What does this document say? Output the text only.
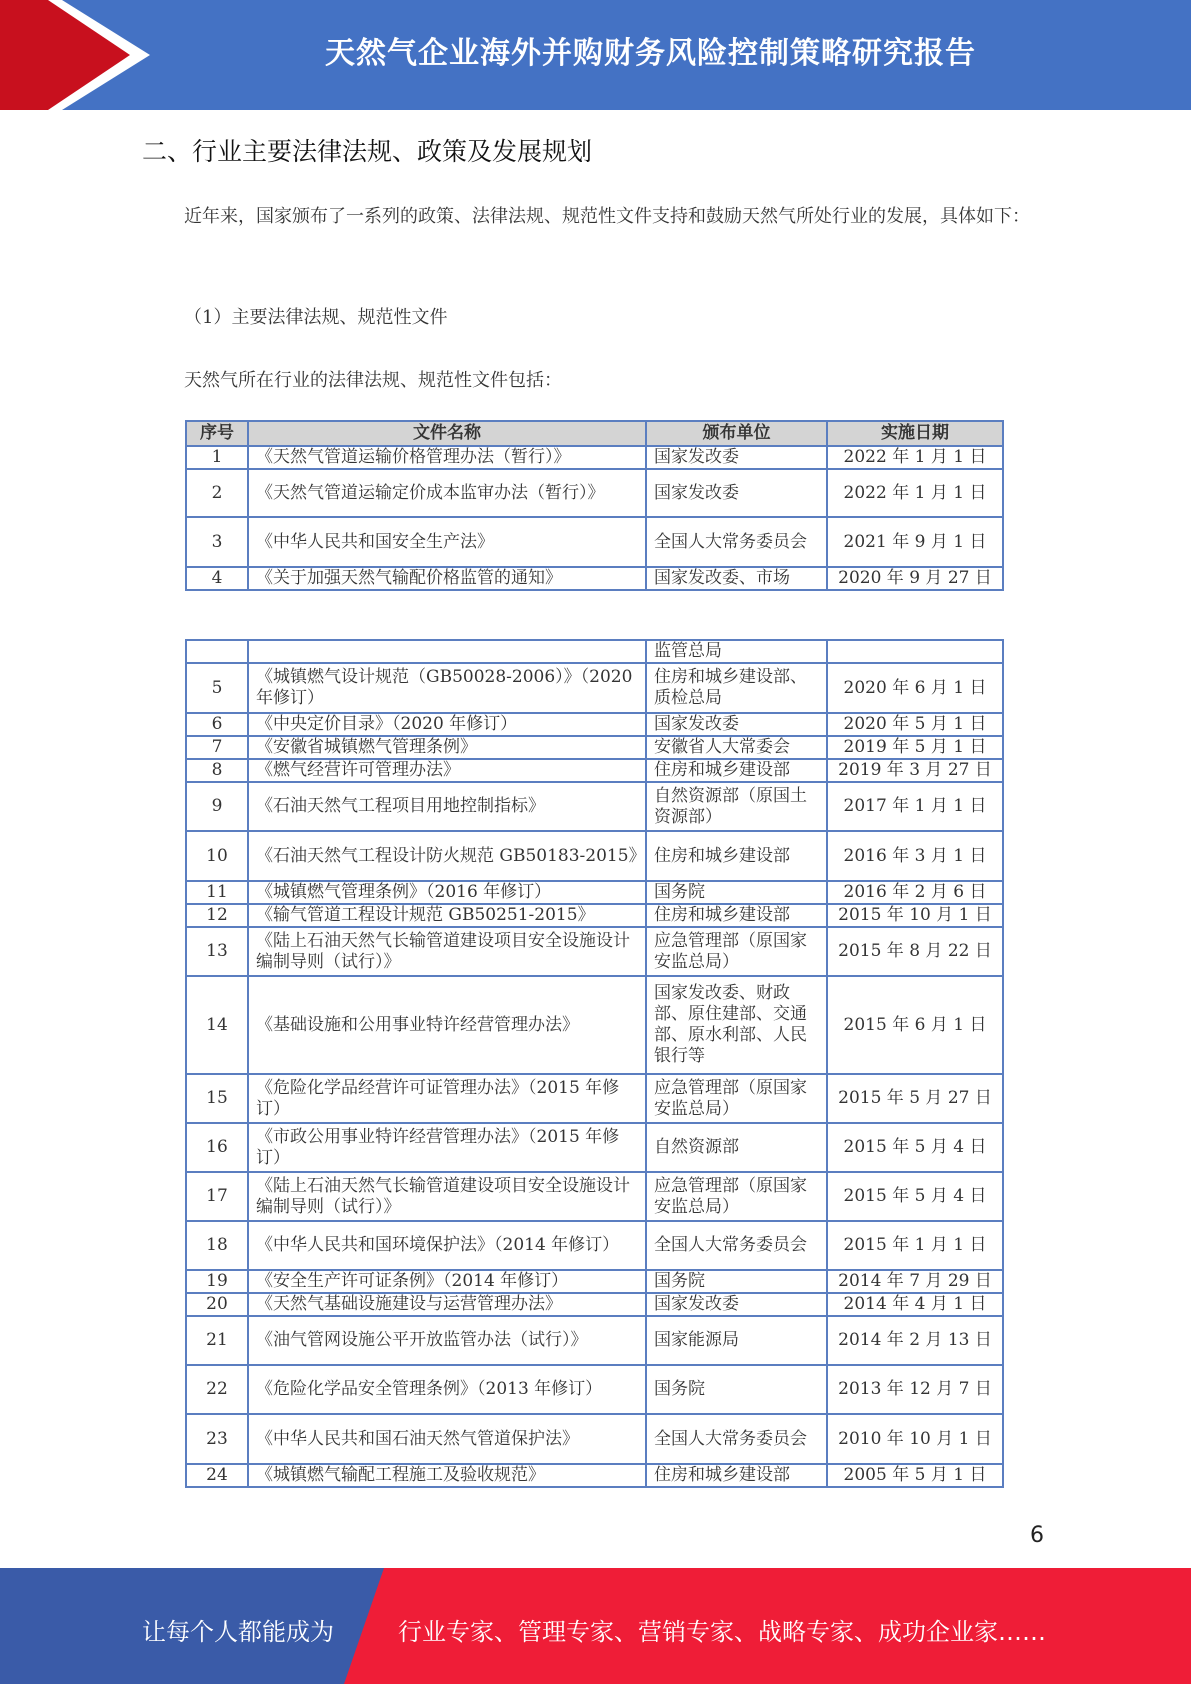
天然气企业海外并购财务风险控制策略研究报告
二、行业主要法律法规、政策及发展规划
近年来，国家颁布了一系列的政策、法律法规、规范性文件支持和鼓励天然气所处行业的发展，具体如下：
（1）主要法律法规、规范性文件
天然气所在行业的法律法规、规范性文件包括：
序号	文件名称	颁布单位	实施日期
1	《天然气管道运输价格管理办法（暂行）》	国家发改委	2022 年 1 月 1 日
2	《天然气管道运输定价成本监审办法（暂行）》	国家发改委	2022 年 1 月 1 日
3	《中华人民共和国安全生产法》	全国人大常务委员会	2021 年 9 月 1 日
4	《关于加强天然气输配价格监管的通知》	国家发改委、市场	2020 年 9 月 27 日
		监管总局	
5	《城镇燃气设计规范（GB50028-2006）》（2020 年修订）	住房和城乡建设部、质检总局	2020 年 6 月 1 日
6	《中央定价目录》（2020 年修订）	国家发改委	2020 年 5 月 1 日
7	《安徽省城镇燃气管理条例》	安徽省人大常委会	2019 年 5 月 1 日
8	《燃气经营许可管理办法》	住房和城乡建设部	2019 年 3 月 27 日
9	《石油天然气工程项目用地控制指标》	自然资源部（原国土资源部）	2017 年 1 月 1 日
10	《石油天然气工程设计防火规范 GB50183-2015》	住房和城乡建设部	2016 年 3 月 1 日
11	《城镇燃气管理条例》（2016 年修订）	国务院	2016 年 2 月 6 日
12	《输气管道工程设计规范 GB50251-2015》	住房和城乡建设部	2015 年 10 月 1 日
13	《陆上石油天然气长输管道建设项目安全设施设计编制导则（试行）》	应急管理部（原国家安监总局）	2015 年 8 月 22 日
14	《基础设施和公用事业特许经营管理办法》	国家发改委、财政部、原住建部、交通部、原水利部、人民银行等	2015 年 6 月 1 日
15	《危险化学品经营许可证管理办法》（2015 年修订）	应急管理部（原国家安监总局）	2015 年 5 月 27 日
16	《市政公用事业特许经营管理办法》（2015 年修订）	自然资源部	2015 年 5 月 4 日
17	《陆上石油天然气长输管道建设项目安全设施设计编制导则（试行）》	应急管理部（原国家安监总局）	2015 年 5 月 4 日
18	《中华人民共和国环境保护法》（2014 年修订）	全国人大常务委员会	2015 年 1 月 1 日
19	《安全生产许可证条例》（2014 年修订）	国务院	2014 年 7 月 29 日
20	《天然气基础设施建设与运营管理办法》	国家发改委	2014 年 4 月 1 日
21	《油气管网设施公平开放监管办法（试行）》	国家能源局	2014 年 2 月 13 日
22	《危险化学品安全管理条例》（2013 年修订）	国务院	2013 年 12 月 7 日
23	《中华人民共和国石油天然气管道保护法》	全国人大常务委员会	2010 年 10 月 1 日
24	《城镇燃气输配工程施工及验收规范》	住房和城乡建设部	2005 年 5 月 1 日
6
让每个人都能成为	行业专家、管理专家、营销专家、战略专家、成功企业家……
